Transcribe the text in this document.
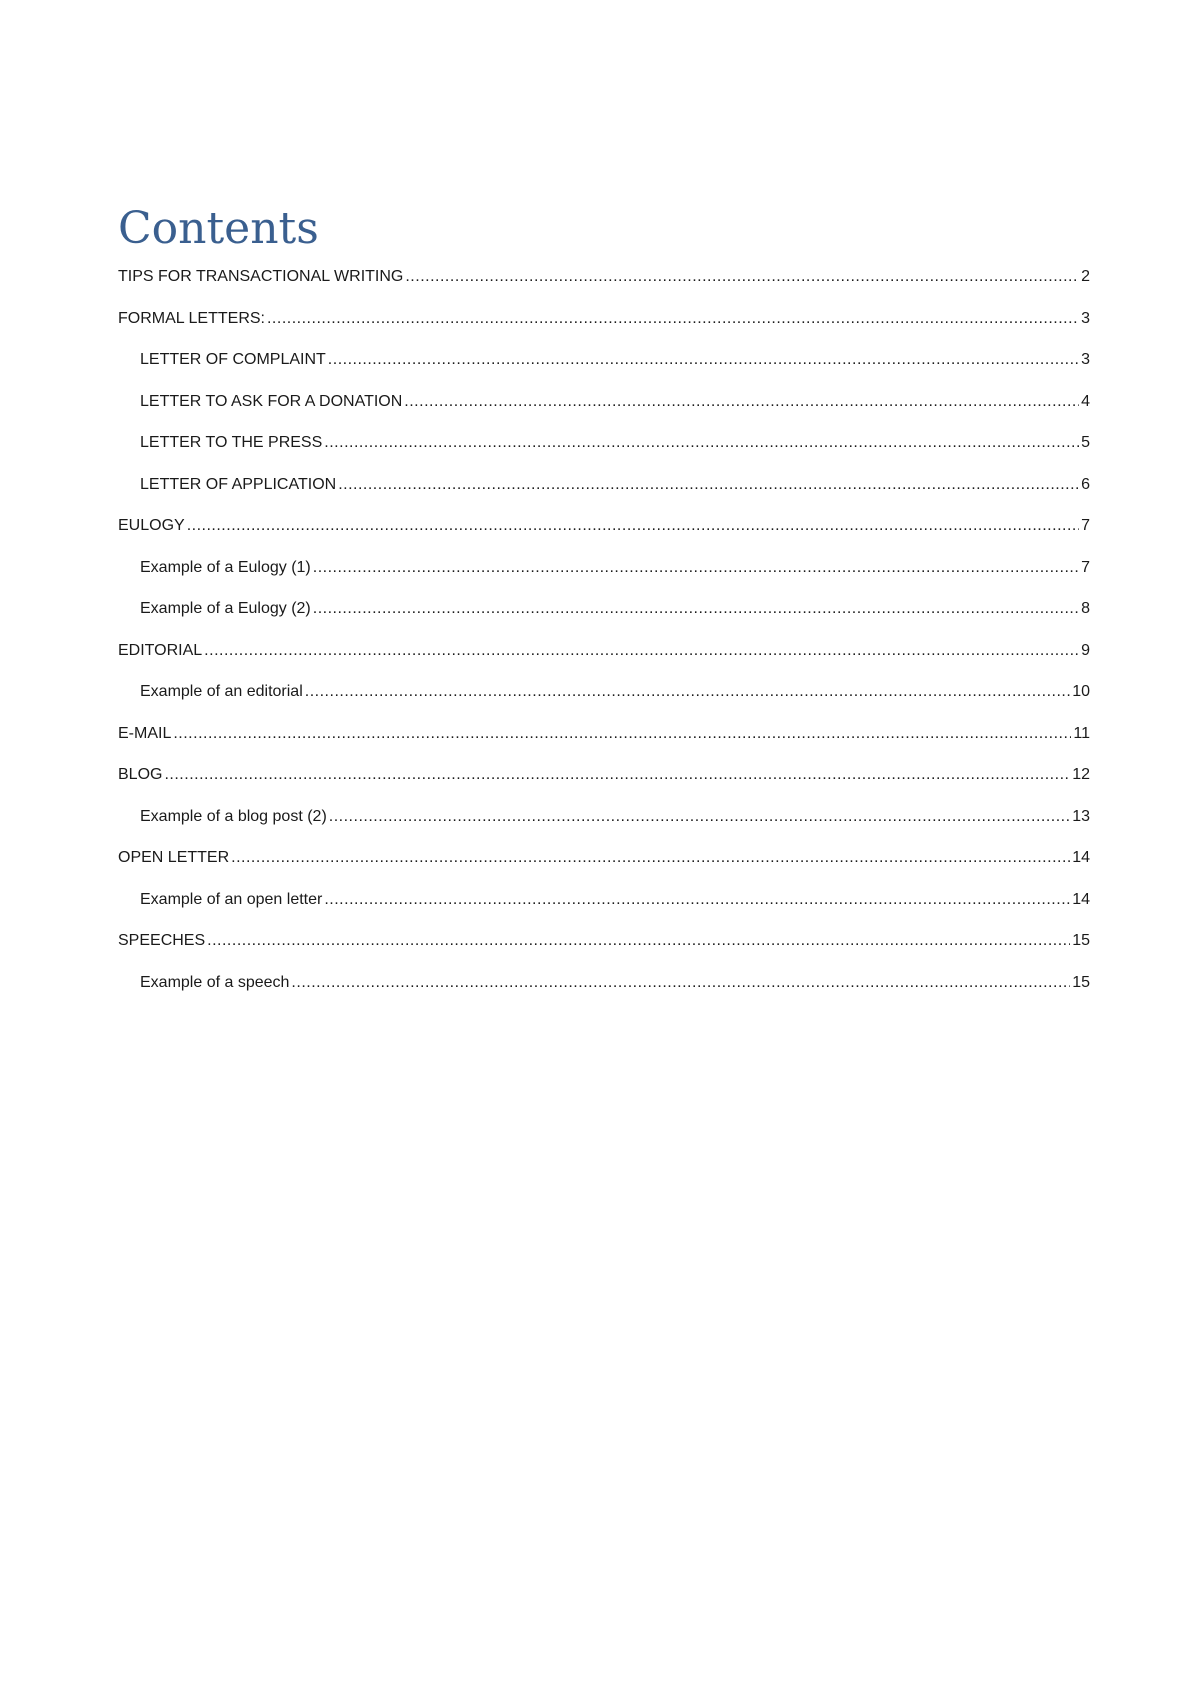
Contents
TIPS FOR TRANSACTIONAL WRITING .....	2
FORMAL LETTERS: .....	3
LETTER OF COMPLAINT .....	3
LETTER TO ASK FOR A DONATION .....	4
LETTER TO THE PRESS .....	5
LETTER OF APPLICATION .....	6
EULOGY .....	7
Example of a Eulogy (1) .....	7
Example of a Eulogy (2) .....	8
EDITORIAL .....	9
Example of an editorial .....	10
E-MAIL .....	11
BLOG .....	12
Example of a blog post (2) .....	13
OPEN LETTER .....	14
Example of an open letter .....	14
SPEECHES .....	15
Example of a speech .....	15
